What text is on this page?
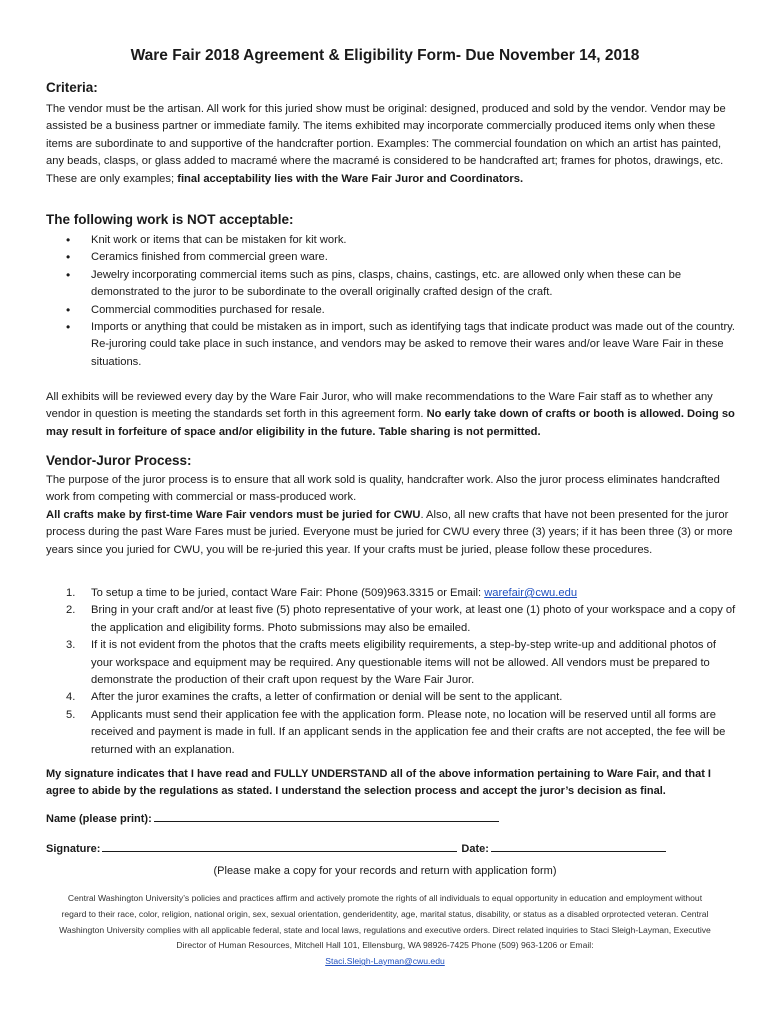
Ware Fair 2018 Agreement & Eligibility Form- Due November 14, 2018
Criteria:

The vendor must be the artisan. All work for this juried show must be original: designed, produced and sold by the vendor. Vendor may be assisted be a business partner or immediate family. The items exhibited may incorporate commercially produced items only when these items are subordinate to and supportive of the handcrafter portion. Examples: The commercial foundation on which an artist has painted, any beads, clasps, or glass added to macramé where the macramé is considered to be handcrafted art; frames for photos, drawings, etc.
These are only examples; final acceptability lies with the Ware Fair Juror and Coordinators.

The following work is NOT acceptable:
• Knit work or items that can be mistaken for kit work.
• Ceramics finished from commercial green ware.
• Jewelry incorporating commercial items such as pins, clasps, chains, castings, etc. are allowed only when these can be demonstrated to the juror to be subordinate to the overall originally crafted design of the craft.
• Commercial commodities purchased for resale.
• Imports or anything that could be mistaken as in import, such as identifying tags that indicate product was made out of the country. Re-juroring could take place in such instance, and vendors may be asked to remove their wares and/or leave Ware Fair in these situations.

All exhibits will be reviewed every day by the Ware Fair Juror, who will make recommendations to the Ware Fair staff as to whether any vendor in question is meeting the standards set forth in this agreement form. No early take down of crafts or booth is allowed. Doing so may result in forfeiture of space and/or eligibility in the future. Table sharing is not permitted.

Vendor-Juror Process:

The purpose of the juror process is to ensure that all work sold is quality, handcrafter work. Also the juror process eliminates handcrafted work from competing with commercial or mass-produced work.
All crafts make by first-time Ware Fair vendors must be juried for CWU. Also, all new crafts that have not been presented for the juror process during the past Ware Fares must be juried. Everyone must be juried for CWU every three (3) years; if it has been three (3) or more years since you juried for CWU, you will be re-juried this year. If your crafts must be juried, please follow these procedures.

1. To setup a time to be juried, contact Ware Fair: Phone (509)963.3315 or Email: warefair@cwu.edu
2. Bring in your craft and/or at least five (5) photo representative of your work, at least one (1) photo of your workspace and a copy of the application and eligibility forms. Photo submissions may also be emailed.
3. If it is not evident from the photos that the crafts meets eligibility requirements, a step-by-step write-up and additional photos of your workspace and equipment may be required. Any questionable items will not be allowed. All vendors must be prepared to demonstrate the production of their craft upon request by the Ware Fair Juror.
4. After the juror examines the crafts, a letter of confirmation or denial will be sent to the applicant.
5. Applicants must send their application fee with the application form. Please note, no location will be reserved until all forms are received and payment is made in full. If an applicant sends in the application fee and their crafts are not accepted, the fee will be returned with an explanation.

My signature indicates that I have read and FULLY UNDERSTAND all of the above information pertaining to Ware Fair, and that I agree to abide by the regulations as stated. I understand the selection process and accept the juror’s decision as final.

Name (please print):

Signature:	Date:

(Please make a copy for your records and return with application form)

Central Washington University’s policies and practices affirm and actively promote the rights of all individuals to equal opportunity in education and employment without regard to their race, color, religion, national origin, sex, sexual orientation, genderidentity, age, marital status, disability, or status as a disabled orprotected veteran. Central Washington University complies with all applicable federal, state and local laws, regulations and executive orders. Direct related inquiries to Staci Sleigh-Layman, Executive Director of Human Resources, Mitchell Hall 101, Ellensburg, WA 98926-7425 Phone (509) 963-1206 or Email:
Staci.Sleigh-Layman@cwu.edu
